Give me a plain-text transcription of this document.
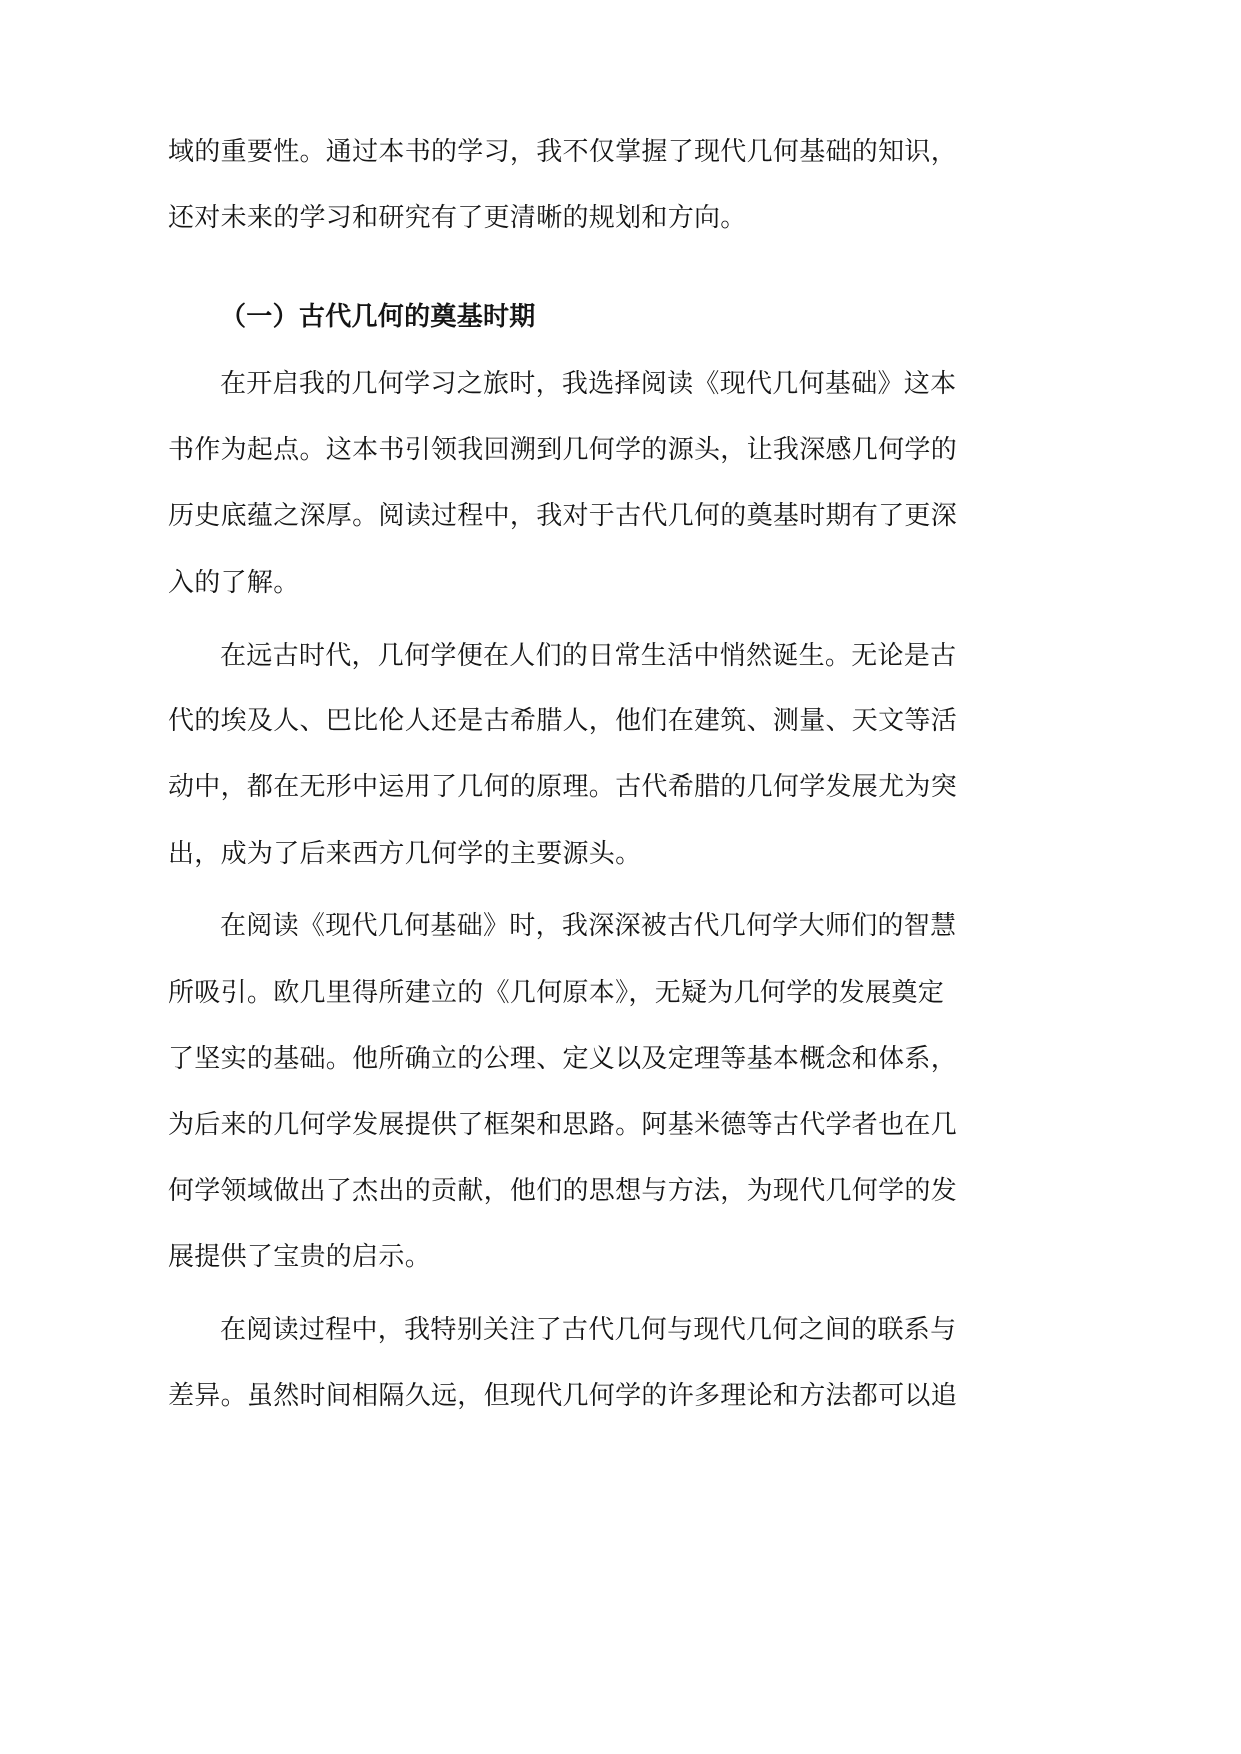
域的重要性。通过本书的学习，我不仅掌握了现代几何基础的知识，
还对未来的学习和研究有了更清晰的规划和方向。
（一）古代几何的奠基时期
在开启我的几何学习之旅时，我选择阅读《现代几何基础》这本
书作为起点。这本书引领我回溯到几何学的源头，让我深感几何学的
历史底蕴之深厚。阅读过程中，我对于古代几何的奠基时期有了更深
入的了解。
在远古时代，几何学便在人们的日常生活中悄然诞生。无论是古
代的埃及人、巴比伦人还是古希腊人，他们在建筑、测量、天文等活
动中，都在无形中运用了几何的原理。古代希腊的几何学发展尤为突
出，成为了后来西方几何学的主要源头。
在阅读《现代几何基础》时，我深深被古代几何学大师们的智慧
所吸引。欧几里得所建立的《几何原本》，无疑为几何学的发展奠定
了坚实的基础。他所确立的公理、定义以及定理等基本概念和体系，
为后来的几何学发展提供了框架和思路。阿基米德等古代学者也在几
何学领域做出了杰出的贡献，他们的思想与方法，为现代几何学的发
展提供了宝贵的启示。
在阅读过程中，我特别关注了古代几何与现代几何之间的联系与
差异。虽然时间相隔久远，但现代几何学的许多理论和方法都可以追
